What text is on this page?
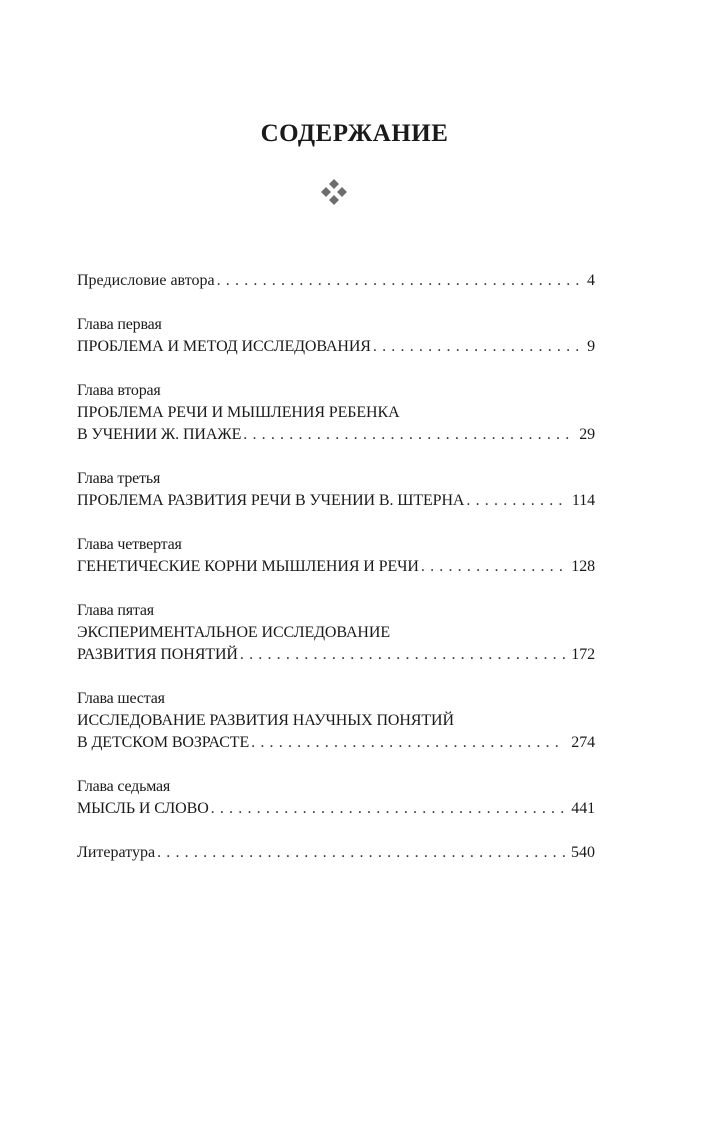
СОДЕРЖАНИЕ
Предисловие автора . . .	4
Глава первая
ПРОБЛЕМА И МЕТОД ИССЛЕДОВАНИЯ . . .	9
Глава вторая
ПРОБЛЕМА РЕЧИ И МЫШЛЕНИЯ РЕБЕНКА
В УЧЕНИИ Ж. ПИАЖЕ . . .	29
Глава третья
ПРОБЛЕМА РАЗВИТИЯ РЕЧИ В УЧЕНИИ В. ШТЕРНА . . .	114
Глава четвертая
ГЕНЕТИЧЕСКИЕ КОРНИ МЫШЛЕНИЯ И РЕЧИ . . .	128
Глава пятая
ЭКСПЕРИМЕНТАЛЬНОЕ ИССЛЕДОВАНИЕ
РАЗВИТИЯ ПОНЯТИЙ . . .	172
Глава шестая
ИССЛЕДОВАНИЕ РАЗВИТИЯ НАУЧНЫХ ПОНЯТИЙ
В ДЕТСКОМ ВОЗРАСТЕ . . .	274
Глава седьмая
МЫСЛЬ И СЛОВО . . .	441
Литература . . .	540
